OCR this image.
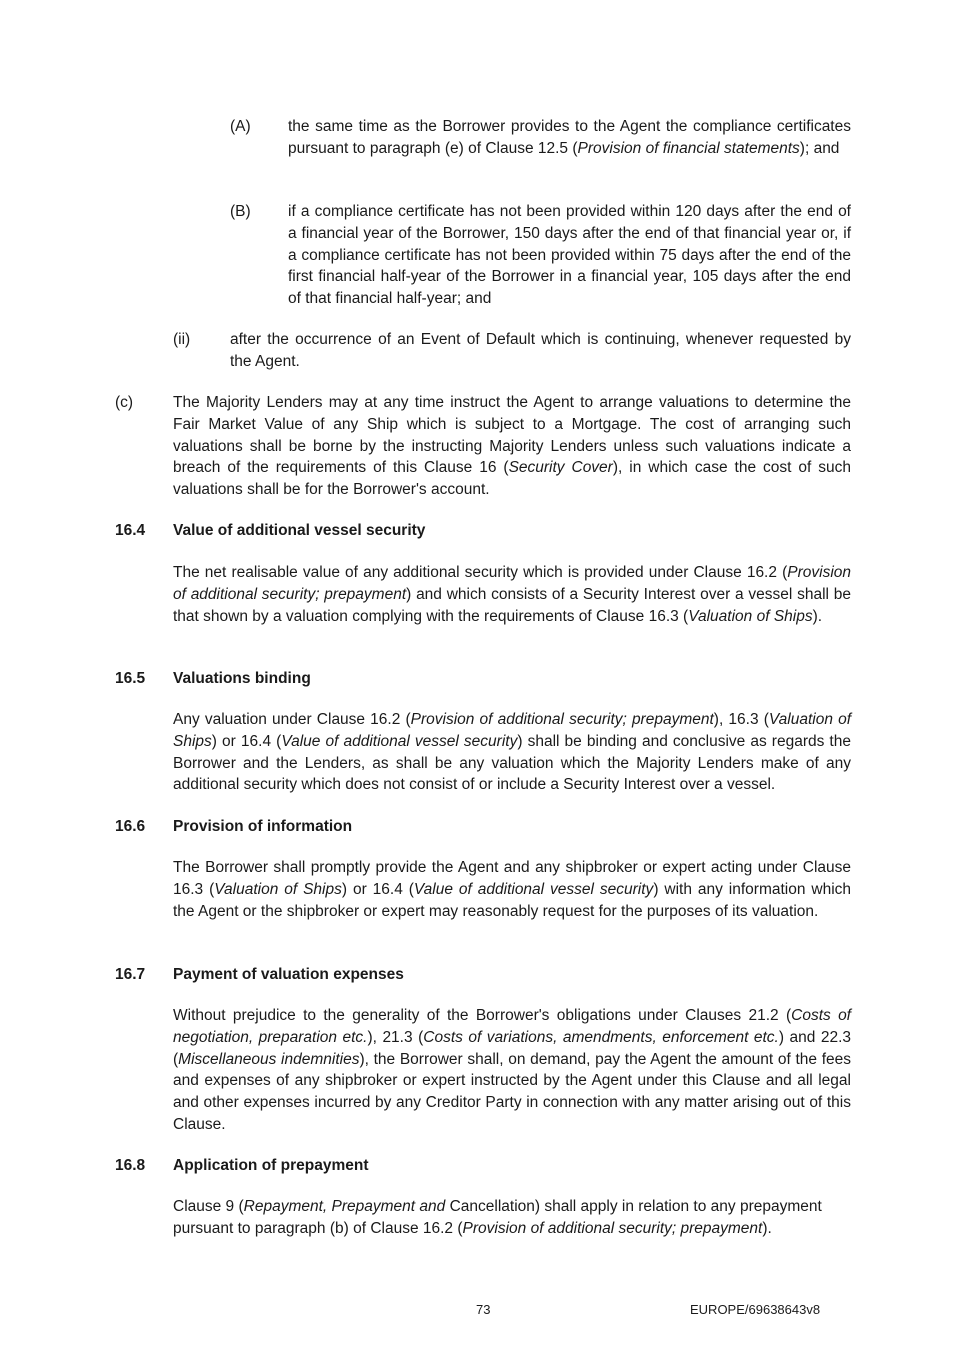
(A) the same time as the Borrower provides to the Agent the compliance certificates pursuant to paragraph (e) of Clause 12.5 (Provision of financial statements); and
(B) if a compliance certificate has not been provided within 120 days after the end of a financial year of the Borrower, 150 days after the end of that financial year or, if a compliance certificate has not been provided within 75 days after the end of the first financial half-year of the Borrower in a financial year, 105 days after the end of that financial half-year; and
(ii)	after the occurrence of an Event of Default which is continuing, whenever requested by the Agent.
(c)	The Majority Lenders may at any time instruct the Agent to arrange valuations to determine the Fair Market Value of any Ship which is subject to a Mortgage. The cost of arranging such valuations shall be borne by the instructing Majority Lenders unless such valuations indicate a breach of the requirements of this Clause 16 (Security Cover), in which case the cost of such valuations shall be for the Borrower's account.
16.4 Value of additional vessel security
The net realisable value of any additional security which is provided under Clause 16.2 (Provision of additional security; prepayment) and which consists of a Security Interest over a vessel shall be that shown by a valuation complying with the requirements of Clause 16.3 (Valuation of Ships).
16.5 Valuations binding
Any valuation under Clause 16.2 (Provision of additional security; prepayment), 16.3 (Valuation of Ships) or 16.4 (Value of additional vessel security) shall be binding and conclusive as regards the Borrower and the Lenders, as shall be any valuation which the Majority Lenders make of any additional security which does not consist of or include a Security Interest over a vessel.
16.6 Provision of information
The Borrower shall promptly provide the Agent and any shipbroker or expert acting under Clause 16.3 (Valuation of Ships) or 16.4 (Value of additional vessel security) with any information which the Agent or the shipbroker or expert may reasonably request for the purposes of its valuation.
16.7 Payment of valuation expenses
Without prejudice to the generality of the Borrower's obligations under Clauses 21.2 (Costs of negotiation, preparation etc.), 21.3 (Costs of variations, amendments, enforcement etc.) and 22.3 (Miscellaneous indemnities), the Borrower shall, on demand, pay the Agent the amount of the fees and expenses of any shipbroker or expert instructed by the Agent under this Clause and all legal and other expenses incurred by any Creditor Party in connection with any matter arising out of this Clause.
16.8 Application of prepayment
Clause 9 (Repayment, Prepayment and Cancellation) shall apply in relation to any prepayment pursuant to paragraph (b) of Clause 16.2 (Provision of additional security; prepayment).
73	EUROPE/69638643v8
